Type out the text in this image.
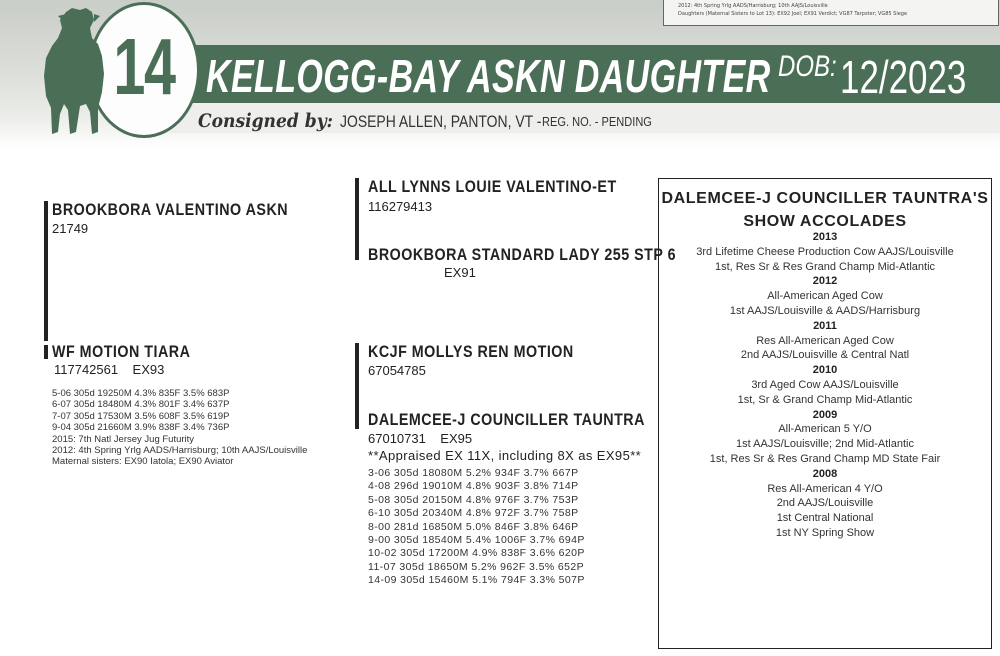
2012: 4th Spring Yrlg AADS/Harrisburg; 10th AAJS/Louisville
Daughters (Maternal Sisters to Lot 13): EX92 Joel; EX91 Verdict; VG87 Tarpster; VG85 Siege
14 KELLOGG-BAY ASKN DAUGHTER DOB: 12/2023
Consigned by: JOSEPH ALLEN, PANTON, VT - REG. NO. - PENDING
BROOKBORA VALENTINO ASKN
21749
ALL LYNNS LOUIE VALENTINO-ET
116279413
BROOKBORA STANDARD LADY 255 STP 6
EX91
WF MOTION TIARA
117742561    EX93
5-06 305d 19250M 4.3% 835F 3.5% 683P
6-07 305d 18480M 4.3% 801F 3.4% 637P
7-07 305d 17530M 3.5% 608F 3.5% 619P
9-04 305d 21660M 3.9% 838F 3.4% 736P
2015: 7th Natl Jersey Jug Futurity
2012: 4th Spring Yrlg AADS/Harrisburg; 10th AAJS/Louisville
Maternal sisters: EX90 Iatola; EX90 Aviator
KCJF MOLLYS REN MOTION
67054785
DALEMCEE-J COUNCILLER TAUNTRA
67010731    EX95
**Appraised EX 11X, including 8X as EX95**
3-06 305d 18080M 5.2% 934F 3.7% 667P
4-08 296d 19010M 4.8% 903F 3.8% 714P
5-08 305d 20150M 4.8% 976F 3.7% 753P
6-10 305d 20340M 4.8% 972F 3.7% 758P
8-00 281d 16850M 5.0% 846F 3.8% 646P
9-00 305d 18540M 5.4% 1006F 3.7% 694P
10-02 305d 17200M 4.9% 838F 3.6% 620P
11-07 305d 18650M 5.2% 962F 3.5% 652P
14-09 305d 15460M 5.1% 794F 3.3% 507P
DALEMCEE-J COUNCILLER TAUNTRA'S
SHOW ACCOLADES
2013
3rd Lifetime Cheese Production Cow AAJS/Louisville
1st, Res Sr & Res Grand Champ Mid-Atlantic
2012
All-American Aged Cow
1st AAJS/Louisville & AADS/Harrisburg
2011
Res All-American Aged Cow
2nd AAJS/Louisville & Central Natl
2010
3rd Aged Cow AAJS/Louisville
1st, Sr & Grand Champ Mid-Atlantic
2009
All-American 5 Y/O
1st AAJS/Louisville; 2nd Mid-Atlantic
1st, Res Sr & Res Grand Champ MD State Fair
2008
Res All-American 4 Y/O
2nd AAJS/Louisville
1st Central National
1st NY Spring Show
